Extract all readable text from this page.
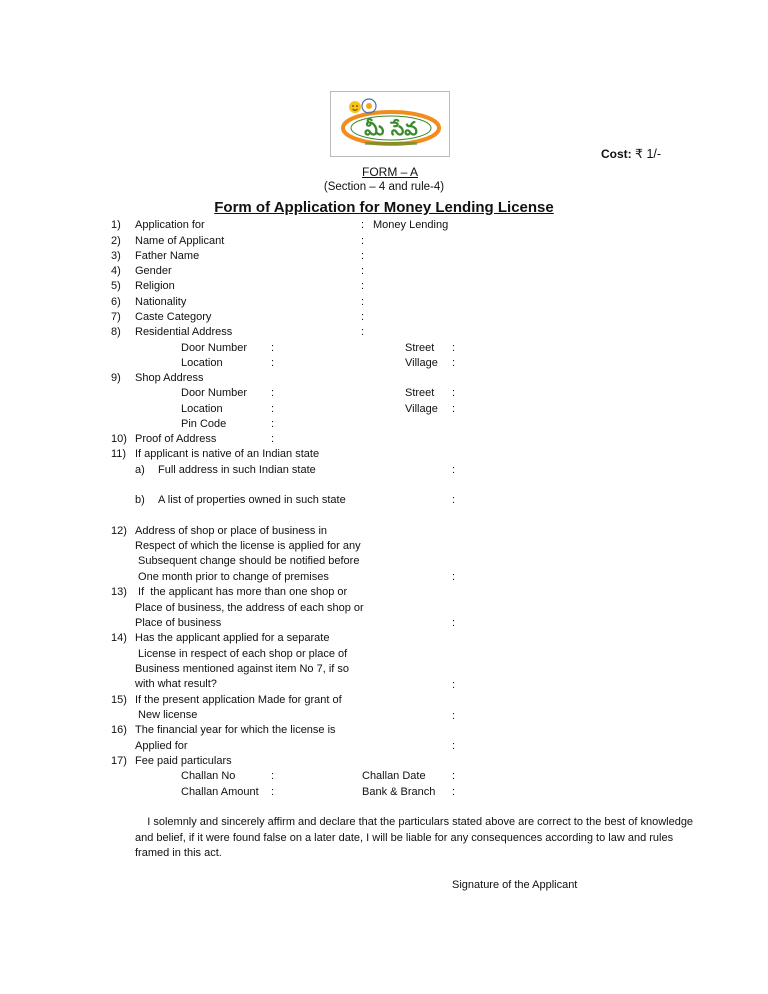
మీ సేవ
Cost: ₹ 1/-
FORM – A
(Section – 4 and rule-4)
Form of Application for Money Lending License
1) Application for	: Money Lending
2) Name of Applicant	:
3) Father Name	:
4) Gender	:
5) Religion	:
6) Nationality	:
7) Caste Category	:
8) Residential Address	:
Door Number :	Street :
Location	:	Village :
9) Shop Address
Door Number :	Street :
Location	:	Village :
Pin Code	:
10) Proof of Address	:
11) If applicant is native of an Indian state
a) Full address in such Indian state	:
b) A list of properties owned in such state	:
12) Address of shop or place of business in
Respect of which the license is applied for any
Subsequent change should be notified before
One month prior to change of premises	:
13) If  the applicant has more than one shop or
Place of business, the address of each shop or
Place of business	:
14) Has the applicant applied for a separate
License in respect of each shop or place of
Business mentioned against item No 7, if so
with what result?	:
15) If the present application Made for grant of
New license	:
16) The financial year for which the license is
Applied for	:
17) Fee paid particulars
Challan No	:	Challan Date :
Challan Amount :	Bank & Branch :
I solemnly and sincerely affirm and declare that the particulars stated above are correct to the best of knowledge and belief, if it were found false on a later date, I will be liable for any consequences according to law and rules framed in this act.
Signature of the Applicant
